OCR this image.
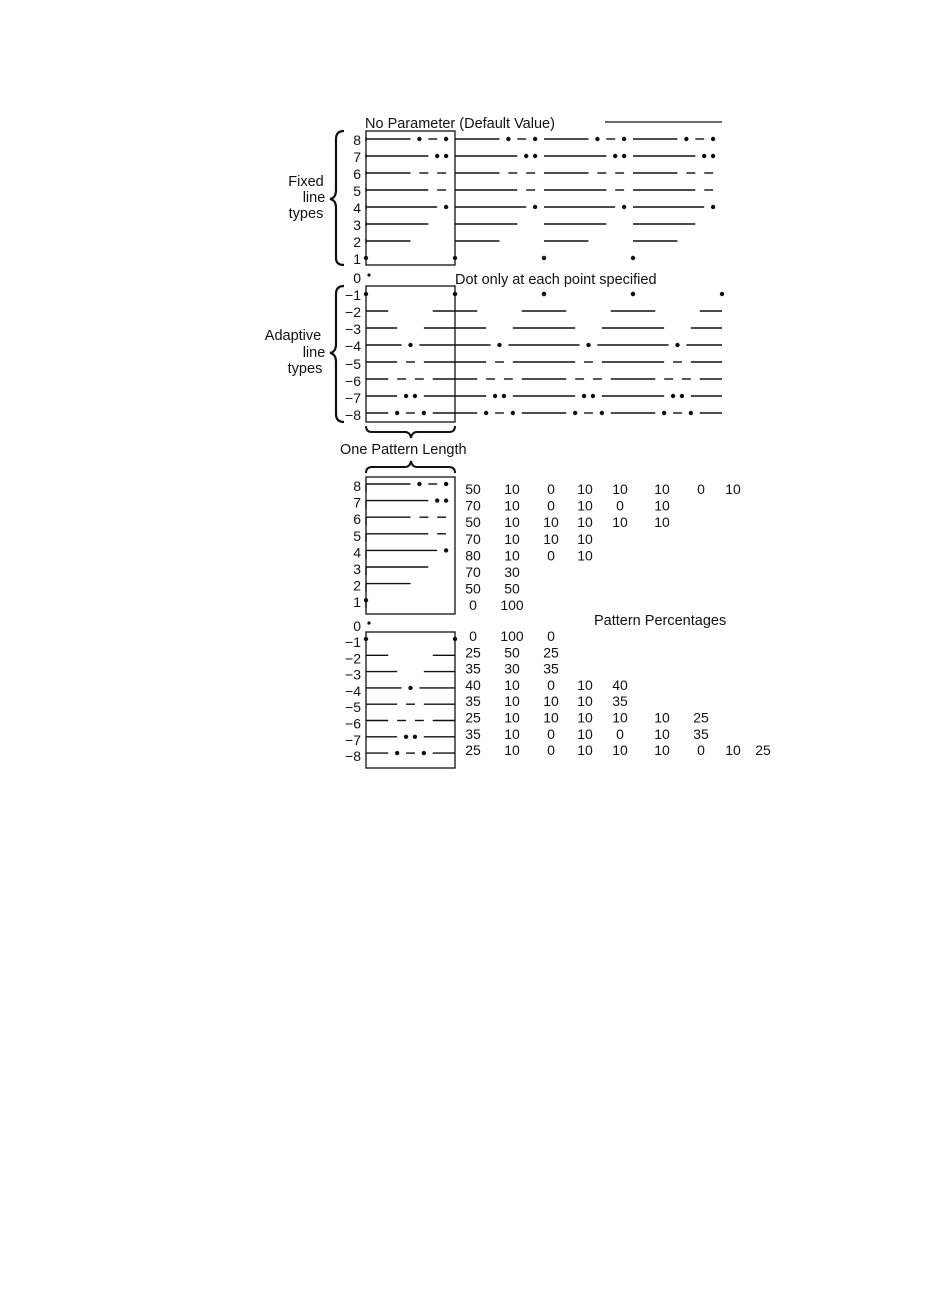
No Parameter (Default Value)
Fixed
line
types
Adaptive
line
types
8
7
6
5
4
3
2
1
0	Dot only at each point specified
−1
−2
−3
−4
−5
−6
−7
−8
One Pattern Length
8
7
6
5
4
3
2
1
−1
−2
−3
−4
−5
−6
−7
−8
0	Pattern Percentages
50 10 0 10 10 10 0 10
70 10 0 10 0 10
50 10 10 10 10 10
70 10 10 10
80 10 0 10
70 30
50 50
0 100
0 100 0
25 50 25
35 30 35
40 10 0 10 40
35 10 10 10 35
25 10 10 10 10 10 25
35 10 0 10 0 10 35
25 10 0 10 10 10 0 10 25
